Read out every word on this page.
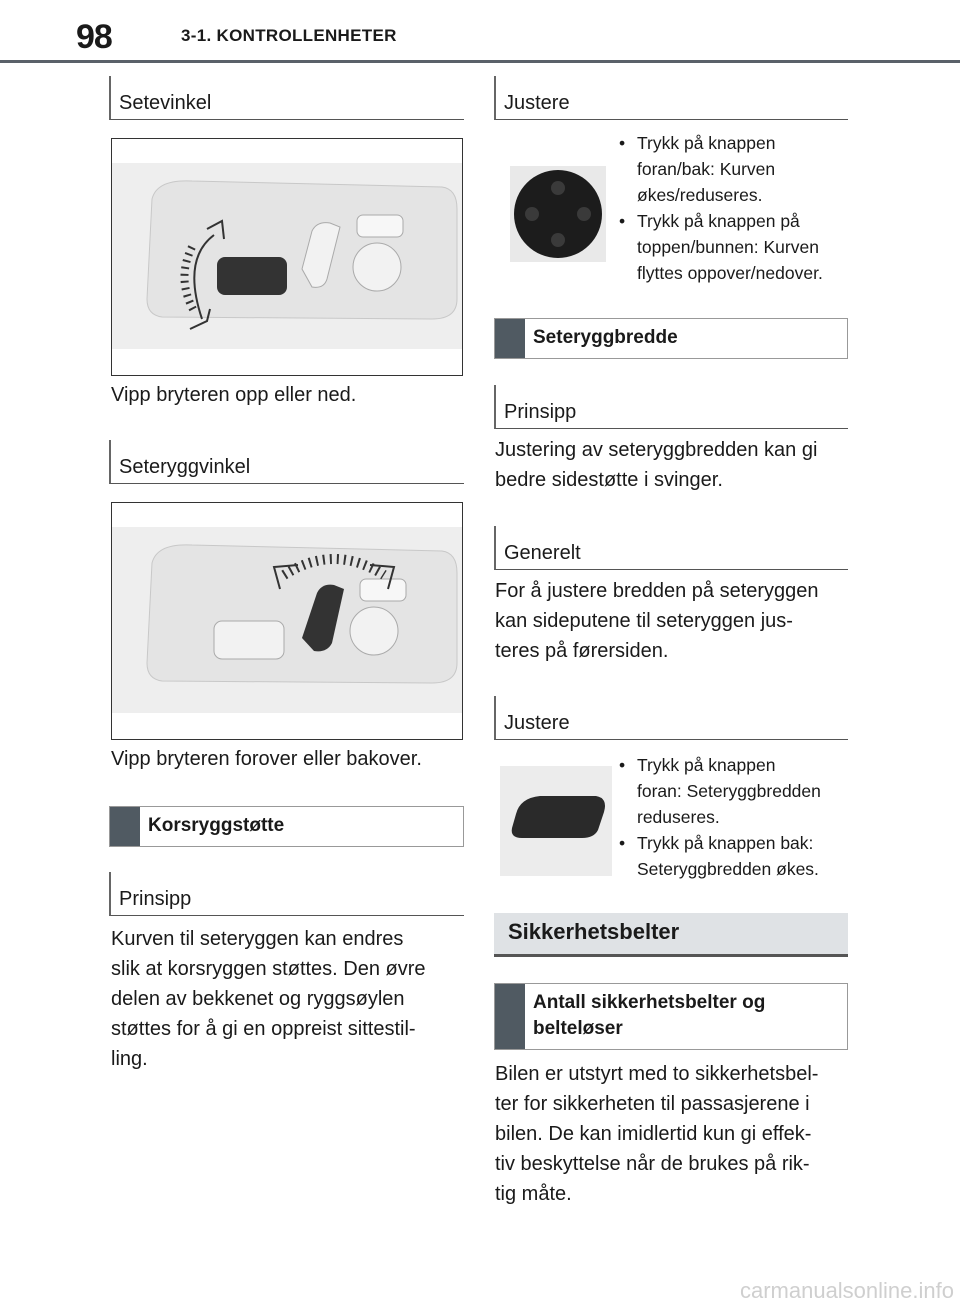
98	3-1. KONTROLLENHETER
Setevinkel
Vipp bryteren opp eller ned.
Seteryggvinkel
Vipp bryteren forover eller bakover.
Korsryggstøtte
Prinsipp
Kurven til seteryggen kan endres
slik at korsryggen støttes. Den øvre
delen av bekkenet og ryggsøylen
støttes for å gi en oppreist sittestil-
ling.
Justere
• Trykk på knappen
foran/bak: Kurven
økes/reduseres.
• Trykk på knappen på
toppen/bunnen: Kurven
flyttes oppover/nedover.
Seteryggbredde
Prinsipp
Justering av seteryggbredden kan gi
bedre sidestøtte i svinger.
Generelt
For å justere bredden på seteryggen
kan sideputene til seteryggen jus-
teres på førersiden.
Justere
• Trykk på knappen
foran: Seteryggbredden
reduseres.
• Trykk på knappen bak:
Seteryggbredden økes.
Sikkerhetsbelter
Antall sikkerhetsbelter og
belteløser
Bilen er utstyrt med to sikkerhetsbel-
ter for sikkerheten til passasjerene i
bilen. De kan imidlertid kun gi effek-
tiv beskyttelse når de brukes på rik-
tig måte.
carmanualsonline.info
